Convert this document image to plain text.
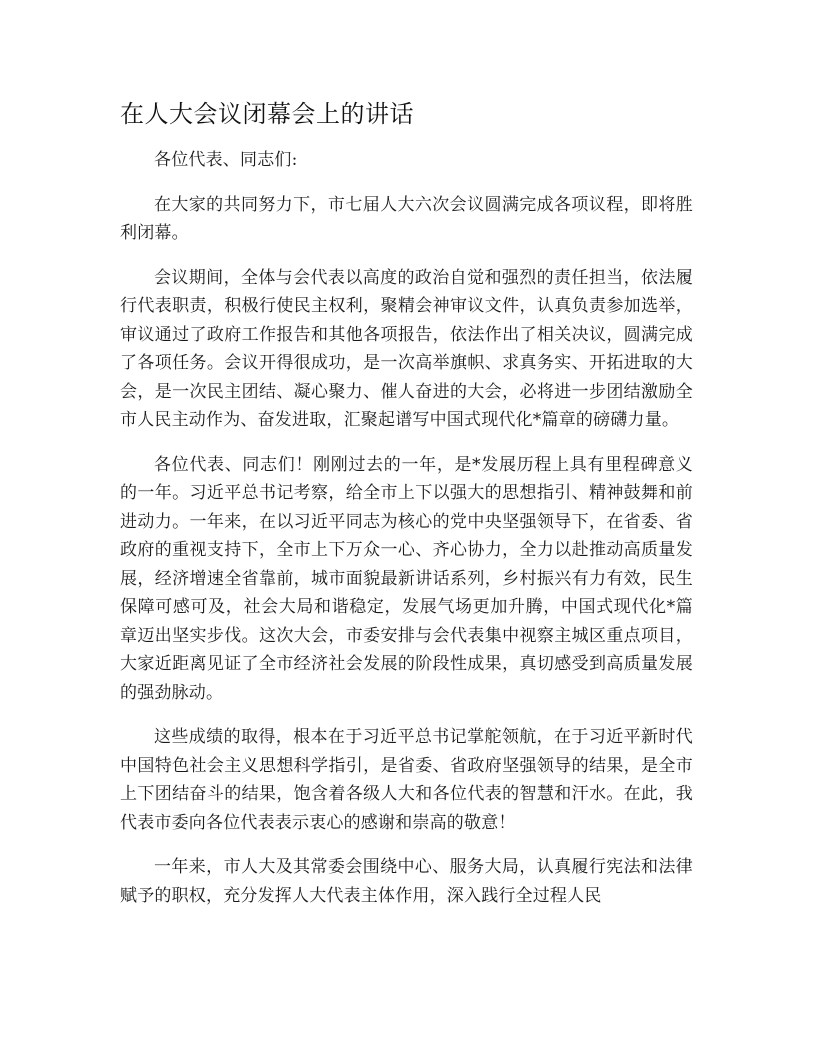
在人大会议闭幕会上的讲话

各位代表、同志们:

在大家的共同努力下，市七届人大六次会议圆满完成各项议程，即将胜利闭幕。

会议期间，全体与会代表以高度的政治自觉和强烈的责任担当，依法履行代表职责，积极行使民主权利，聚精会神审议文件，认真负责参加选举，审议通过了政府工作报告和其他各项报告，依法作出了相关决议，圆满完成了各项任务。会议开得很成功，是一次高举旗帜、求真务实、开拓进取的大会，是一次民主团结、凝心聚力、催人奋进的大会，必将进一步团结激励全市人民主动作为、奋发进取，汇聚起谱写中国式现代化*篇章的磅礴力量。

各位代表、同志们！刚刚过去的一年，是*发展历程上具有里程碑意义的一年。习近平总书记考察，给全市上下以强大的思想指引、精神鼓舞和前进动力。一年来，在以习近平同志为核心的党中央坚强领导下，在省委、省政府的重视支持下，全市上下万众一心、齐心协力，全力以赴推动高质量发展，经济增速全省靠前，城市面貌最新讲话系列，乡村振兴有力有效，民生保障可感可及，社会大局和谐稳定，发展气场更加升腾，中国式现代化*篇章迈出坚实步伐。这次大会，市委安排与会代表集中视察主城区重点项目，大家近距离见证了全市经济社会发展的阶段性成果，真切感受到高质量发展的强劲脉动。

这些成绩的取得，根本在于习近平总书记掌舵领航，在于习近平新时代中国特色社会主义思想科学指引，是省委、省政府坚强领导的结果，是全市上下团结奋斗的结果，饱含着各级人大和各位代表的智慧和汗水。在此，我代表市委向各位代表表示衷心的感谢和崇高的敬意！

一年来，市人大及其常委会围绕中心、服务大局，认真履行宪法和法律赋予的职权，充分发挥人大代表主体作用，深入践行全过程人民
